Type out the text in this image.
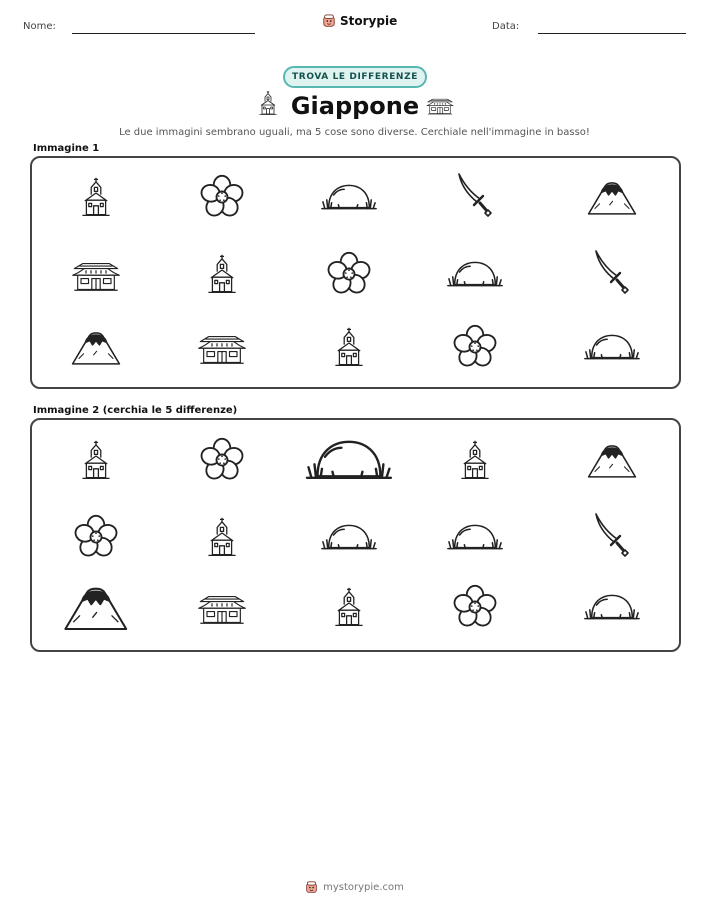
Nome:	Storypie	Data:
TROVA LE DIFFERENZE
Giappone
Le due immagini sembrano uguali, ma 5 cose sono diverse. Cerchiale nell'immagine in basso!
Immagine 1
Immagine 2 (cerchia le 5 differenze)
mystorypie.com
